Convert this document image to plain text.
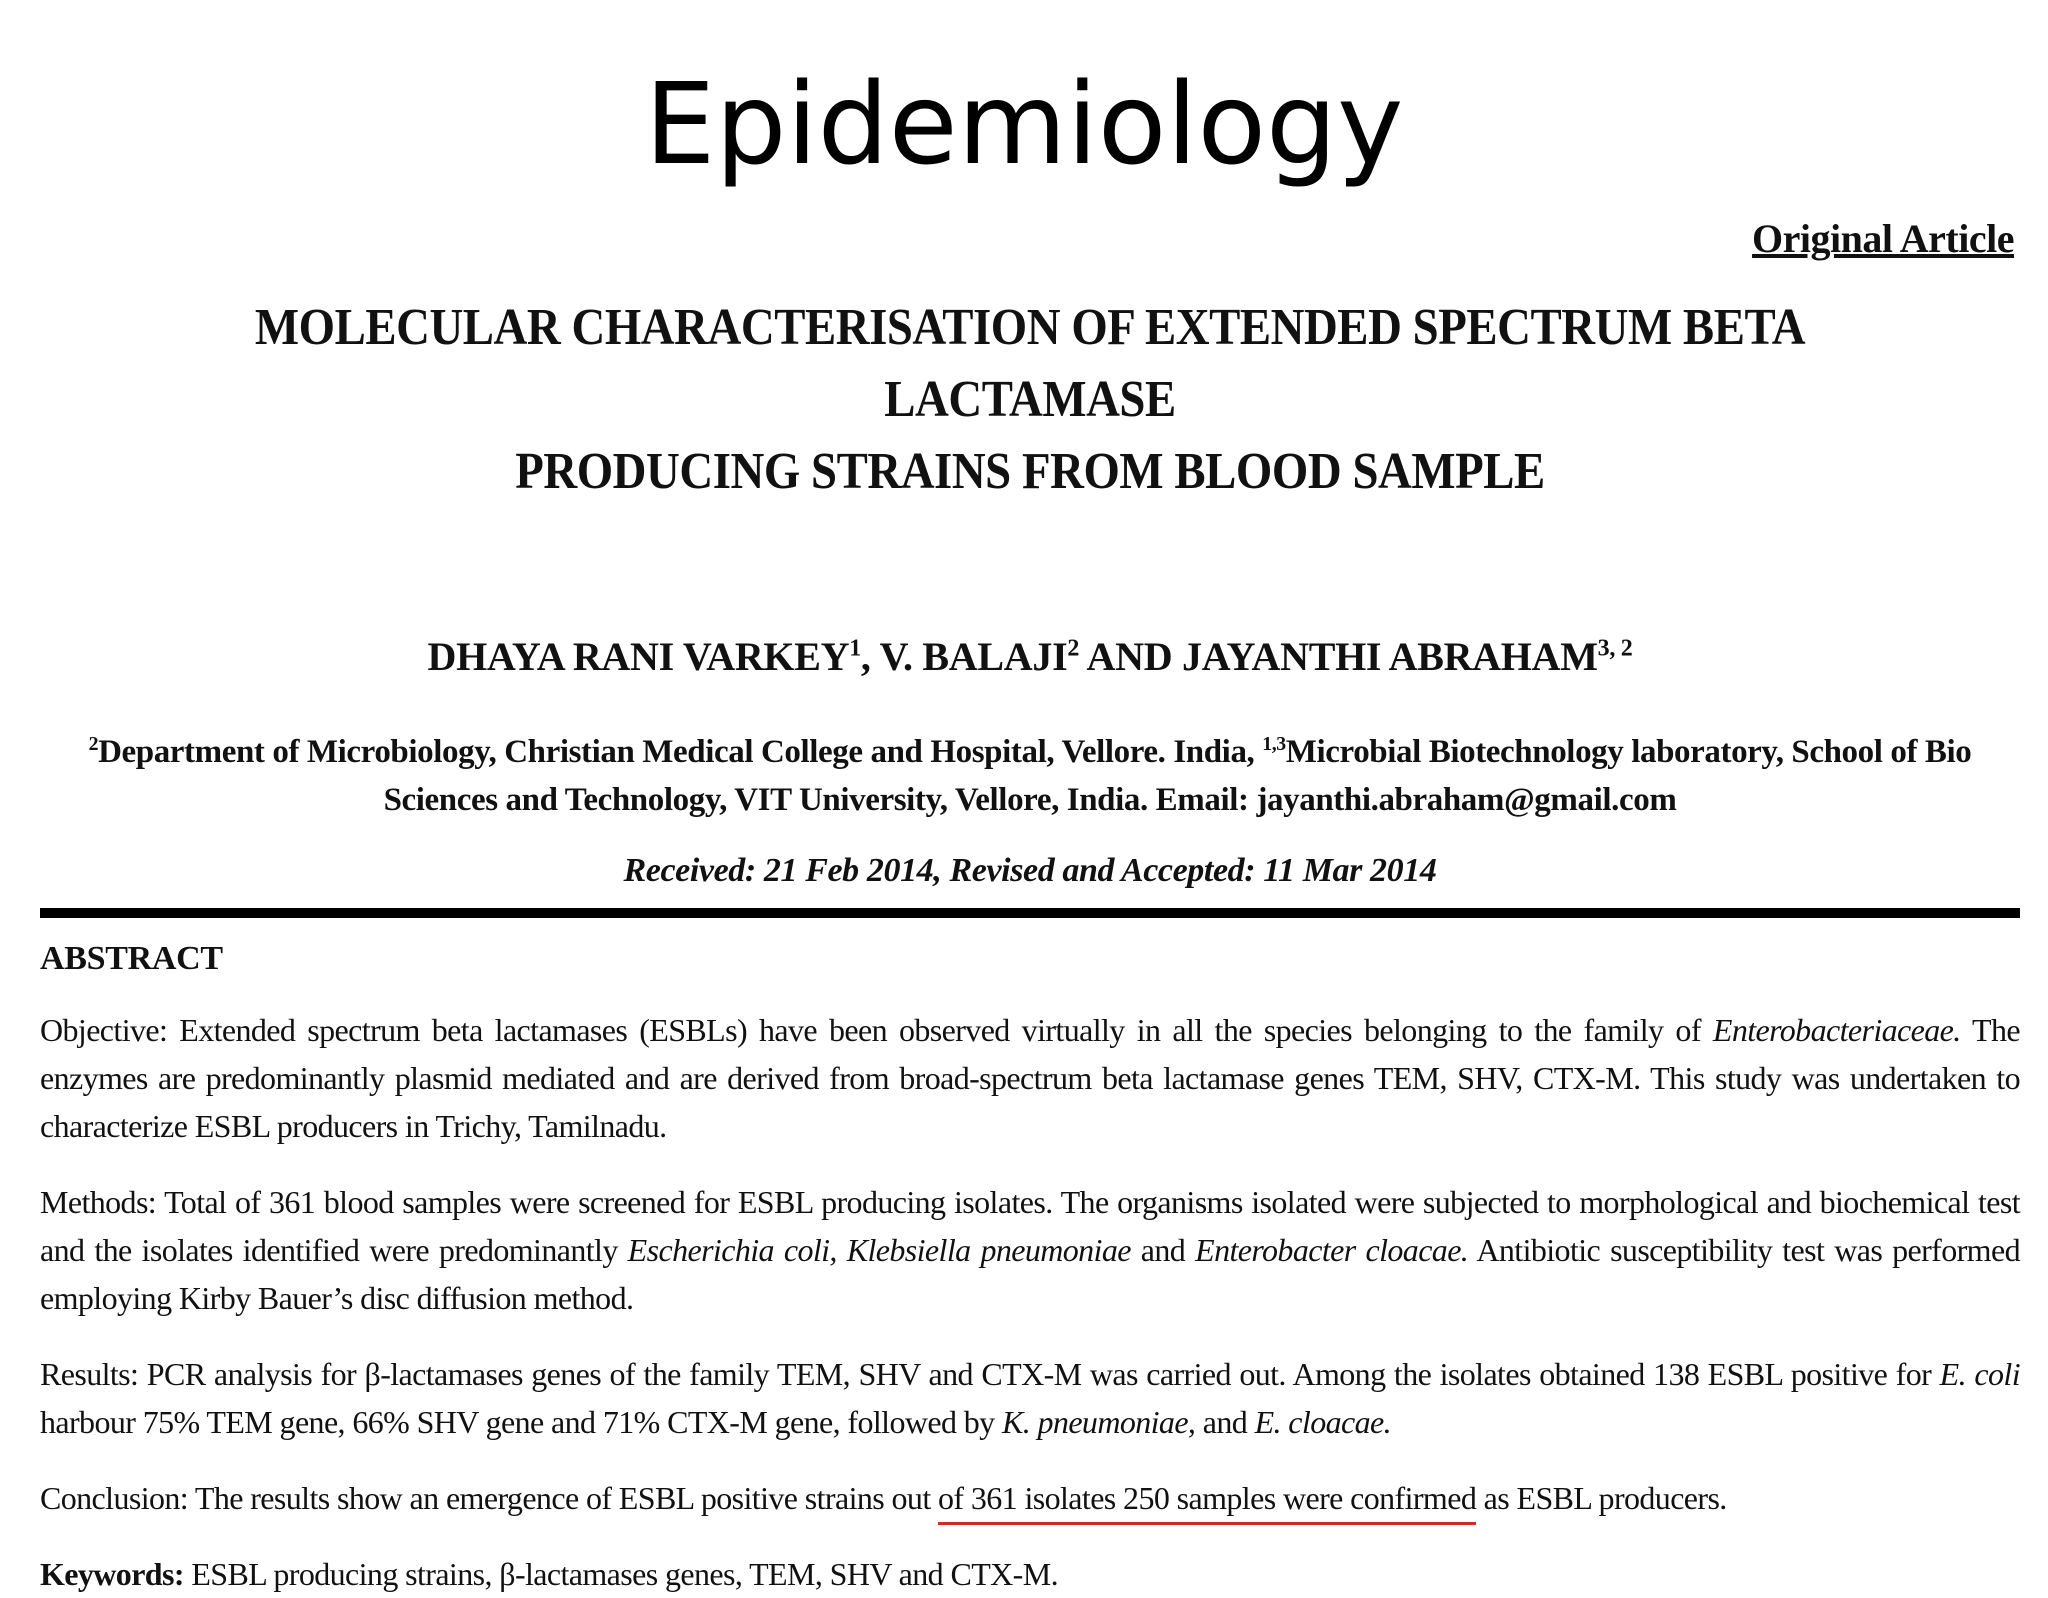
Epidemiology
Original Article
MOLECULAR CHARACTERISATION OF EXTENDED SPECTRUM BETA LACTAMASE
PRODUCING STRAINS FROM BLOOD SAMPLE
DHAYA RANI VARKEY$^1$, V. BALAJI$^2$ AND JAYANTHI ABRAHAM$^{3, 2}$
$^2$Department of Microbiology, Christian Medical College and Hospital, Vellore. India, $^{1,3}$Microbial Biotechnology laboratory, School of Bio Sciences and Technology, VIT University, Vellore, India. Email: jayanthi.abraham@gmail.com
Received: 21 Feb 2014, Revised and Accepted: 11 Mar 2014
ABSTRACT
Objective: Extended spectrum beta lactamases (ESBLs) have been observed virtually in all the species belonging to the family of Enterobacteriaceae. The enzymes are predominantly plasmid mediated and are derived from broad-spectrum beta lactamase genes TEM, SHV, CTX-M. This study was undertaken to characterize ESBL producers in Trichy, Tamilnadu.
Methods: Total of 361 blood samples were screened for ESBL producing isolates. The organisms isolated were subjected to morphological and biochemical test and the isolates identified were predominantly Escherichia coli, Klebsiella pneumoniae and Enterobacter cloacae. Antibiotic susceptibility test was performed employing Kirby Bauer’s disc diffusion method.
Results: PCR analysis for β-lactamases genes of the family TEM, SHV and CTX-M was carried out. Among the isolates obtained 138 ESBL positive for E. coli harbour 75% TEM gene, 66% SHV gene and 71% CTX-M gene, followed by K. pneumoniae, and E. cloacae.
Conclusion: The results show an emergence of ESBL positive strains out of 361 isolates 250 samples were confirmed as ESBL producers.
Keywords: ESBL producing strains, β-lactamases genes, TEM, SHV and CTX-M.
